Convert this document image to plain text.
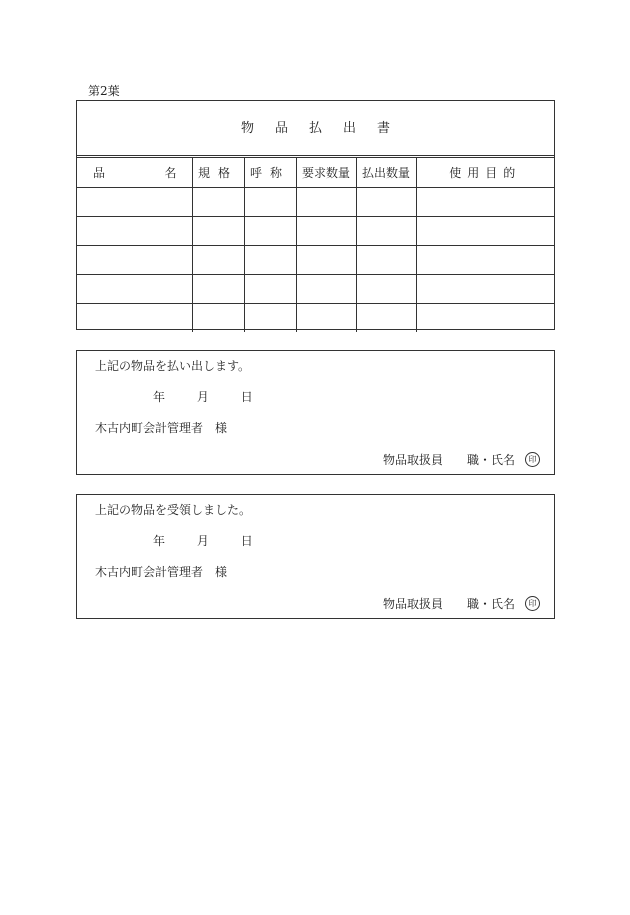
第2葉
物品払出書
品 名	規格	呼称	要求数量	払出数量	使用目的

上記の物品を払い出します。
年	月	日
木古内町会計管理者 様
物品取扱員 職・氏名	印
上記の物品を受領しました。
年	月	日
木古内町会計管理者 様
物品取扱員 職・氏名	印
